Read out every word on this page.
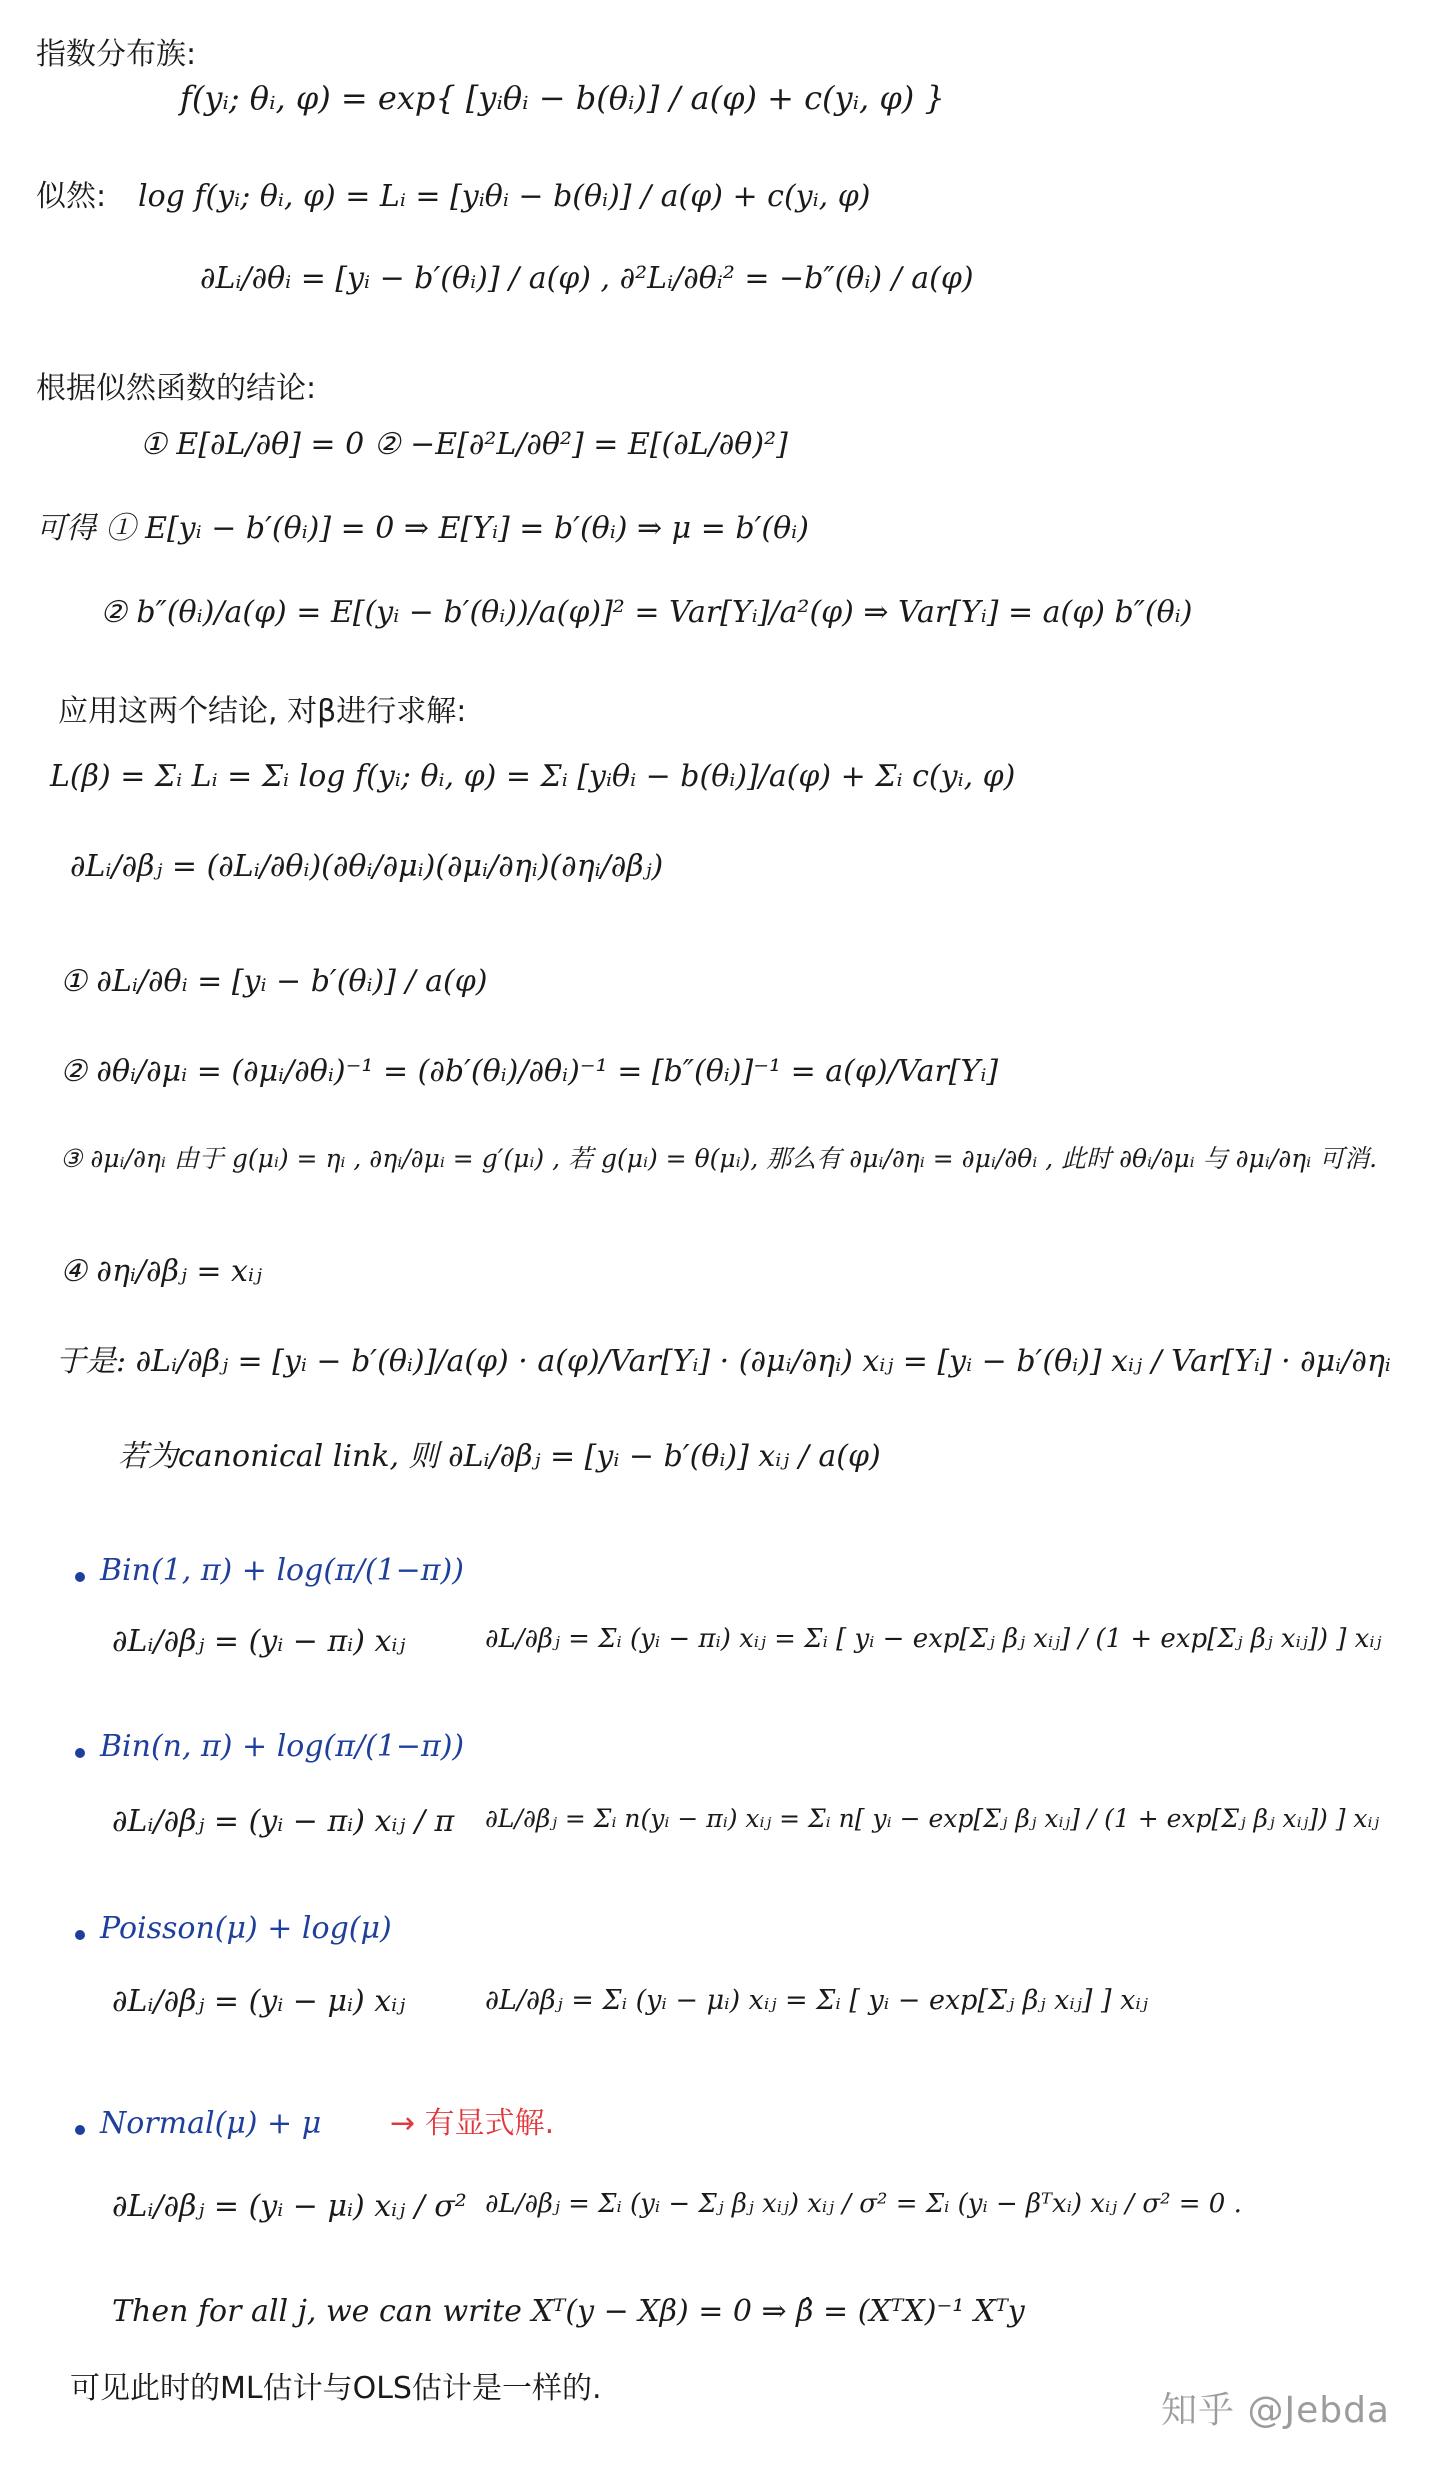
指数分布族:
f(yᵢ; θᵢ, φ) = exp{ [yᵢθᵢ − b(θᵢ)] / a(φ) + c(yᵢ, φ) }
似然: log f(yᵢ; θᵢ, φ) = Lᵢ = [yᵢθᵢ − b(θᵢ)] / a(φ) + c(yᵢ, φ)
∂Lᵢ/∂θᵢ = [yᵢ − b′(θᵢ)] / a(φ) , ∂²Lᵢ/∂θᵢ² = −b″(θᵢ) / a(φ)
根据似然函数的结论:
① E[∂L/∂θ] = 0 ② −E[∂²L/∂θ²] = E[(∂L/∂θ)²]
可得 ① E[yᵢ − b′(θᵢ)] = 0 ⇒ E[Yᵢ] = b′(θᵢ) ⇒ μ = b′(θᵢ)
② b″(θᵢ)/a(φ) = E[(yᵢ − b′(θᵢ))/a(φ)]² = Var[Yᵢ]/a²(φ) ⇒ Var[Yᵢ] = a(φ) b″(θᵢ)
应用这两个结论, 对β进行求解:
L(β) = Σᵢ Lᵢ = Σᵢ log f(yᵢ; θᵢ, φ) = Σᵢ [yᵢθᵢ − b(θᵢ)]/a(φ) + Σᵢ c(yᵢ, φ)
∂Lᵢ/∂βⱼ = (∂Lᵢ/∂θᵢ)(∂θᵢ/∂μᵢ)(∂μᵢ/∂ηᵢ)(∂ηᵢ/∂βⱼ)
① ∂Lᵢ/∂θᵢ = [yᵢ − b′(θᵢ)] / a(φ)
② ∂θᵢ/∂μᵢ = (∂μᵢ/∂θᵢ)⁻¹ = (∂b′(θᵢ)/∂θᵢ)⁻¹ = [b″(θᵢ)]⁻¹ = a(φ)/Var[Yᵢ]
③ ∂μᵢ/∂ηᵢ 由于 g(μᵢ) = ηᵢ , ∂ηᵢ/∂μᵢ = g′(μᵢ) , 若 g(μᵢ) = θ(μᵢ), 那么有 ∂μᵢ/∂ηᵢ = ∂μᵢ/∂θᵢ , 此时 ∂θᵢ/∂μᵢ 与 ∂μᵢ/∂ηᵢ 可消.
④ ∂ηᵢ/∂βⱼ = xᵢⱼ
于是: ∂Lᵢ/∂βⱼ = [yᵢ − b′(θᵢ)]/a(φ) · a(φ)/Var[Yᵢ] · (∂μᵢ/∂ηᵢ) xᵢⱼ = [yᵢ − b′(θᵢ)] xᵢⱼ / Var[Yᵢ] · ∂μᵢ/∂ηᵢ
若为canonical link, 则 ∂Lᵢ/∂βⱼ = [yᵢ − b′(θᵢ)] xᵢⱼ / a(φ)
Bin(1, π) + log(π/(1−π))
∂Lᵢ/∂βⱼ = (yᵢ − πᵢ) xᵢⱼ	∂L/∂βⱼ = Σᵢ (yᵢ − πᵢ) xᵢⱼ = Σᵢ [ yᵢ − exp[Σⱼ βⱼ xᵢⱼ] / (1 + exp[Σⱼ βⱼ xᵢⱼ]) ] xᵢⱼ
Bin(n, π) + log(π/(1−π))
∂Lᵢ/∂βⱼ = (yᵢ − πᵢ) xᵢⱼ / π ∂L/∂βⱼ = Σᵢ n(yᵢ − πᵢ) xᵢⱼ = Σᵢ n[ yᵢ − exp[Σⱼ βⱼ xᵢⱼ] / (1 + exp[Σⱼ βⱼ xᵢⱼ]) ] xᵢⱼ
Poisson(μ) + log(μ)
∂Lᵢ/∂βⱼ = (yᵢ − μᵢ) xᵢⱼ	∂L/∂βⱼ = Σᵢ (yᵢ − μᵢ) xᵢⱼ = Σᵢ [ yᵢ − exp[Σⱼ βⱼ xᵢⱼ] ] xᵢⱼ
Normal(μ) + μ → 有显式解.
∂Lᵢ/∂βⱼ = (yᵢ − μᵢ) xᵢⱼ / σ² ∂L/∂βⱼ = Σᵢ (yᵢ − Σⱼ βⱼ xᵢⱼ) xᵢⱼ / σ² = Σᵢ (yᵢ − βᵀxᵢ) xᵢⱼ / σ² = 0 .
Then for all j, we can write Xᵀ(y − Xβ) = 0 ⇒ β̂ = (XᵀX)⁻¹ Xᵀy
可见此时的ML估计与OLS估计是一样的.
知乎 @Jebda
